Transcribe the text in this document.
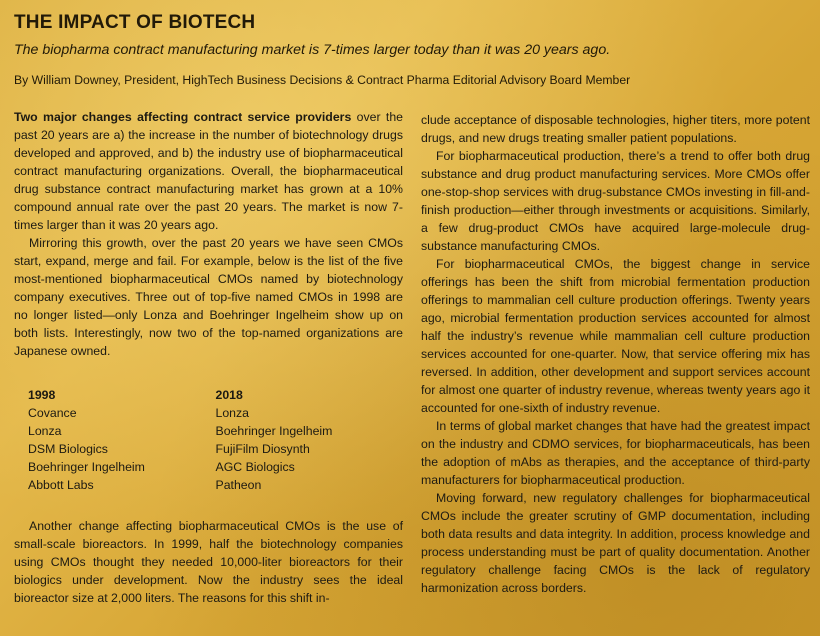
THE IMPACT OF BIOTECH

The biopharma contract manufacturing market is 7-times larger today than it was 20 years ago.

By William Downey, President, HighTech Business Decisions & Contract Pharma Editorial Advisory Board Member

Two major changes affecting contract service providers over the past 20 years are a) the increase in the number of biotechnology drugs developed and approved, and b) the industry use of biopharmaceutical contract manufacturing organizations. Overall, the biopharmaceutical drug substance contract manufacturing market has grown at a 10% compound annual rate over the past 20 years. The market is now 7-times larger than it was 20 years ago.

Mirroring this growth, over the past 20 years we have seen CMOs start, expand, merge and fail. For example, below is the list of the five most-mentioned biopharmaceutical CMOs named by biotechnology company executives. Three out of top-five named CMOs in 1998 are no longer listed—only Lonza and Boehringer Ingelheim show up on both lists. Interestingly, now two of the top-named organizations are Japanese owned.

1998
Covance
Lonza
DSM Biologics
Boehringer Ingelheim
Abbott Labs
2018
Lonza
Boehringer Ingelheim
FujiFilm Diosynth
AGC Biologics
Patheon

Another change affecting biopharmaceutical CMOs is the use of small-scale bioreactors. In 1999, half the biotechnology companies using CMOs thought they needed 10,000-liter bioreactors for their biologics under development. Now the industry sees the ideal bioreactor size at 2,000 liters. The reasons for this shift in-

clude acceptance of disposable technologies, higher titers, more potent drugs, and new drugs treating smaller patient populations.

For biopharmaceutical production, there’s a trend to offer both drug substance and drug product manufacturing services. More CMOs offer one-stop-shop services with drug-substance CMOs investing in fill-and-finish production—either through investments or acquisitions. Similarly, a few drug-product CMOs have acquired large-molecule drug-substance manufacturing CMOs.

For biopharmaceutical CMOs, the biggest change in service offerings has been the shift from microbial fermentation production offerings to mammalian cell culture production offerings. Twenty years ago, microbial fermentation production services accounted for almost half the industry’s revenue while mammalian cell culture production services accounted for one-quarter. Now, that service offering mix has reversed. In addition, other development and support services account for almost one quarter of industry revenue, whereas twenty years ago it accounted for one-sixth of industry revenue.

In terms of global market changes that have had the greatest impact on the industry and CDMO services, for biopharmaceuticals, has been the adoption of mAbs as therapies, and the acceptance of third-party manufacturers for biopharmaceutical production.

Moving forward, new regulatory challenges for biopharmaceutical CMOs include the greater scrutiny of GMP documentation, including both data results and data integrity. In addition, process knowledge and process understanding must be part of quality documentation. Another regulatory challenge facing CMOs is the lack of regulatory harmonization across borders.
